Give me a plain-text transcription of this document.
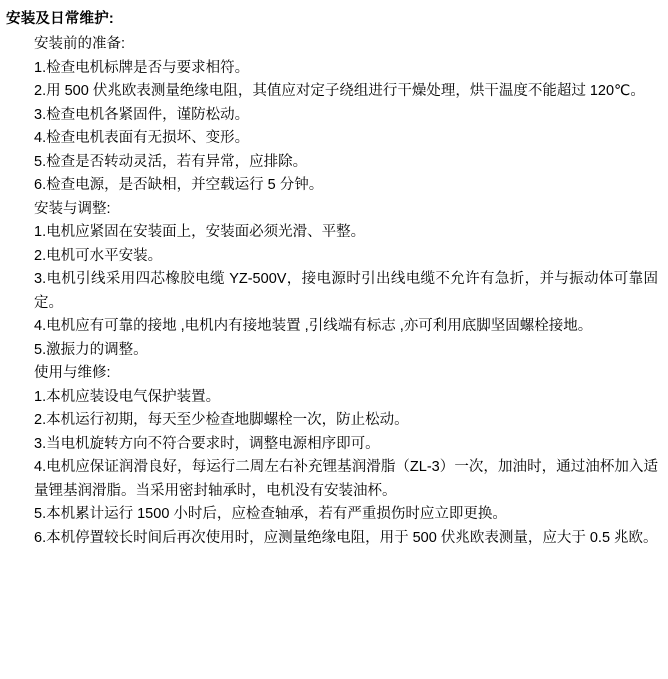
安装及日常维护:

安装前的准备:

1.检查电机标牌是否与要求相符。

2.用 500 伏兆欧表测量绝缘电阻，其值应对定子绕组进行干燥处理，烘干温度不能超过 120℃。

3.检查电机各紧固件，谨防松动。

4.检查电机表面有无损坏、变形。

5.检查是否转动灵活，若有异常，应排除。

6.检查电源，是否缺相，并空载运行 5 分钟。

安装与调整:

1.电机应紧固在安装面上，安装面必须光滑、平整。

2.电机可水平安装。

3.电机引线采用四芯橡胶电缆 YZ-500V，接电源时引出线电缆不允许有急折，并与振动体可靠固定。

4.电机应有可靠的接地 ,电机内有接地装置 ,引线端有标志 ,亦可利用底脚坚固螺栓接地。

5.激振力的调整。

使用与维修:

1.本机应装设电气保护装置。

2.本机运行初期，每天至少检查地脚螺栓一次，防止松动。

3.当电机旋转方向不符合要求时，调整电源相序即可。

4.电机应保证润滑良好，每运行二周左右补充锂基润滑脂（ZL-3）一次，加油时，通过油杯加入适量锂基润滑脂。当采用密封轴承时，电机没有安装油杯。

5.本机累计运行 1500 小时后，应检查轴承，若有严重损伤时应立即更换。

6.本机停置较长时间后再次使用时，应测量绝缘电阻，用于 500 伏兆欧表测量，应大于 0.5 兆欧。
